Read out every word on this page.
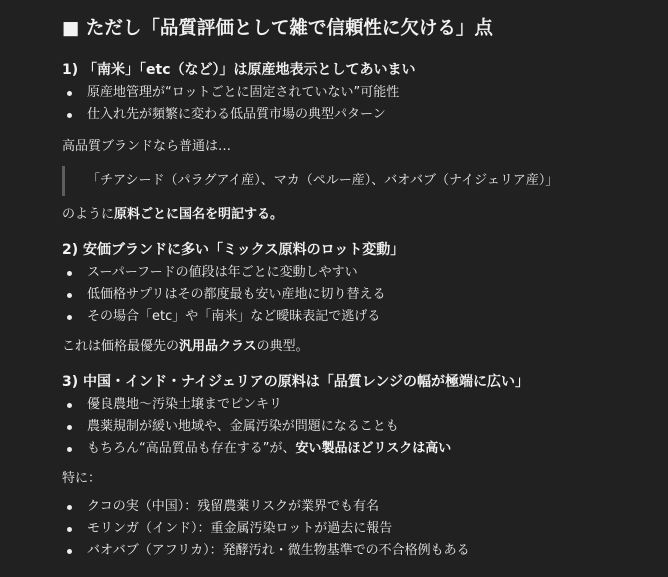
■ ただし「品質評価として雑で信頼性に欠ける」点
1) 「南米」「etc（など）」は原産地表示としてあいまい
原産地管理が“ロットごとに固定されていない”可能性
仕入れ先が頻繁に変わる低品質市場の典型パターン

高品質ブランドなら普通は…

「チアシード（パラグアイ産）、マカ（ペルー産）、バオバブ（ナイジェリア産）」

のように原料ごとに国名を明記する。

2) 安価ブランドに多い「ミックス原料のロット変動」
スーパーフードの値段は年ごとに変動しやすい
低価格サプリはその都度最も安い産地に切り替える
その場合「etc」や「南米」など曖昧表記で逃げる

これは価格最優先の汎用品クラスの典型。

3) 中国・インド・ナイジェリアの原料は「品質レンジの幅が極端に広い」
優良農地〜汚染土壌までピンキリ
農薬規制が緩い地域や、金属汚染が問題になることも
もちろん“高品質品も存在する”が、安い製品ほどリスクは高い

特に：

クコの実（中国）：残留農薬リスクが業界でも有名
モリンガ（インド）：重金属汚染ロットが過去に報告
バオバブ（アフリカ）：発酵汚れ・微生物基準での不合格例もある
